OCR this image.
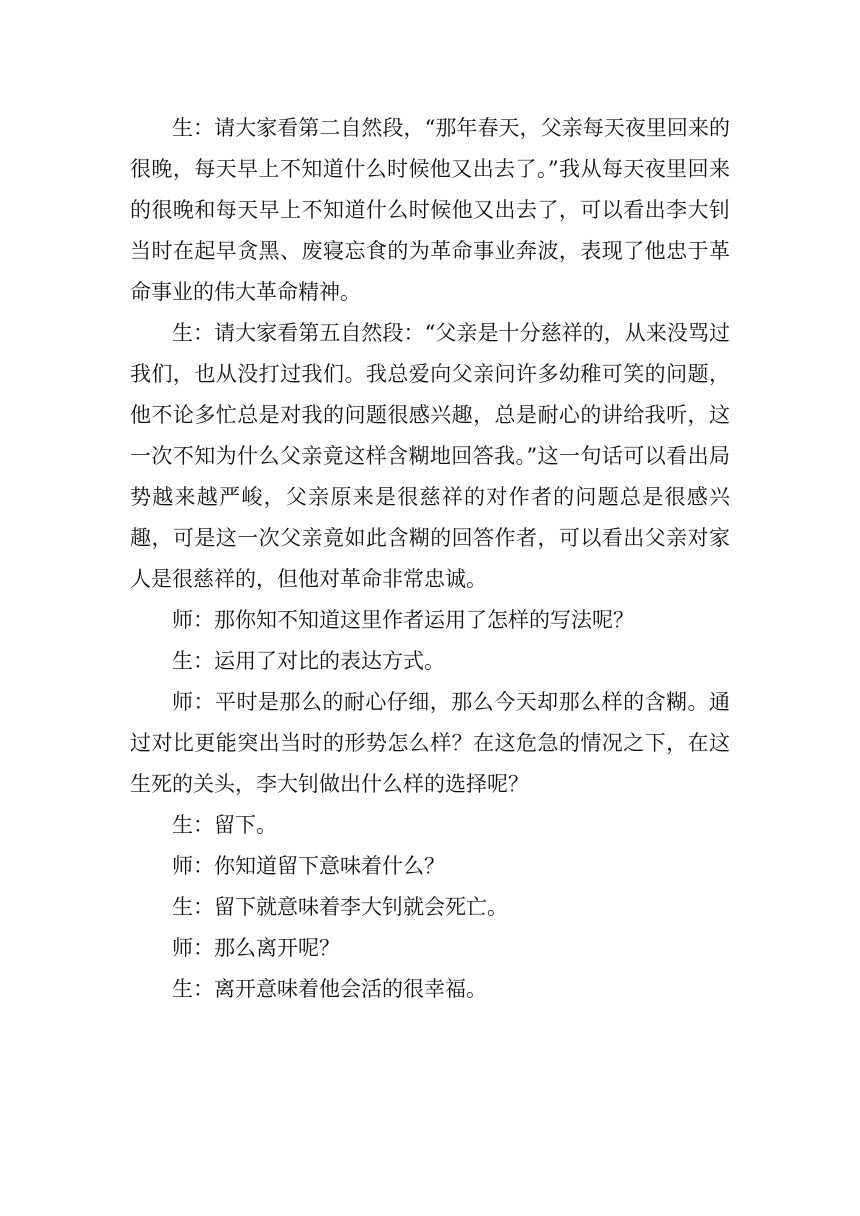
生：请大家看第二自然段，“那年春天，父亲每天夜里回来的很晚，每天早上不知道什么时候他又出去了。”我从每天夜里回来的很晚和每天早上不知道什么时候他又出去了，可以看出李大钊当时在起早贪黑、废寝忘食的为革命事业奔波，表现了他忠于革命事业的伟大革命精神。

生：请大家看第五自然段：“父亲是十分慈祥的，从来没骂过我们，也从没打过我们。我总爱向父亲问许多幼稚可笑的问题，他不论多忙总是对我的问题很感兴趣，总是耐心的讲给我听，这一次不知为什么父亲竟这样含糊地回答我。”这一句话可以看出局势越来越严峻，父亲原来是很慈祥的对作者的问题总是很感兴趣，可是这一次父亲竟如此含糊的回答作者，可以看出父亲对家人是很慈祥的，但他对革命非常忠诚。

师：那你知不知道这里作者运用了怎样的写法呢？

生：运用了对比的表达方式。

师：平时是那么的耐心仔细，那么今天却那么样的含糊。通过对比更能突出当时的形势怎么样？在这危急的情况之下，在这生死的关头，李大钊做出什么样的选择呢？

生：留下。

师：你知道留下意味着什么？

生：留下就意味着李大钊就会死亡。

师：那么离开呢？

生：离开意味着他会活的很幸福。
